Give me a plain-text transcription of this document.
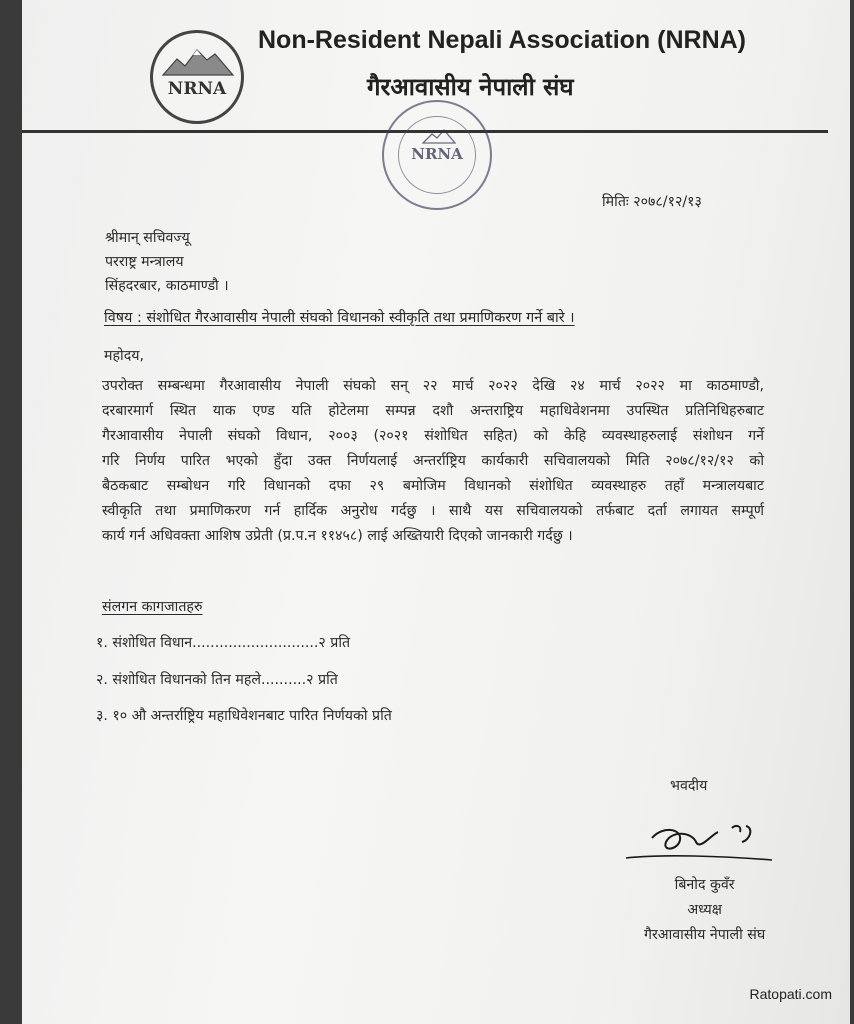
NRNA
Non-Resident Nepali Association (NRNA)
गैरआवासीय नेपाली संघ
NRNA
मितिः २०७८/१२/१३
श्रीमान् सचिवज्यू
परराष्ट्र मन्त्रालय
सिंहदरबार, काठमाण्डौ ।
विषय : संशोधित गैरआवासीय नेपाली संघको विधानको स्वीकृति तथा प्रमाणिकरण गर्ने बारे ।
महोदय,
उपरोक्त सम्बन्धमा गैरआवासीय नेपाली संघको सन् २२ मार्च २०२२ देखि २४ मार्च २०२२ मा काठमाण्डौ,
दरबारमार्ग स्थित याक एण्ड यति होटेलमा सम्पन्न दशौ अन्तराष्ट्रिय महाधिवेशनमा उपस्थित प्रतिनिधिहरुबाट
गैरआवासीय नेपाली संघको विधान, २००३ (२०२१ संशोधित सहित) को केहि व्यवस्थाहरुलाई संशोधन गर्ने
गरि निर्णय पारित भएको हुँदा उक्त निर्णयलाई अन्तर्राष्ट्रिय कार्यकारी सचिवालयको मिति २०७८/१२/१२ को
बैठकबाट सम्बोधन गरि विधानको दफा २९ बमोजिम विधानको संशोधित व्यवस्थाहरु तहाँ मन्त्रालयबाट
स्वीकृति तथा प्रमाणिकरण गर्न हार्दिक अनुरोध गर्दछु । साथै यस सचिवालयको तर्फबाट दर्ता लगायत सम्पूर्ण
कार्य गर्न अधिवक्ता आशिष उप्रेती (प्र.प.न ११४५८) लाई अख्तियारी दिएको जानकारी गर्दछु ।
संलगन कागजातहरु
१. संशोधित विधान............................२ प्रति
२. संशोधित विधानको तिन महले..........२ प्रति
३. १० औ अन्तर्राष्ट्रिय महाधिवेशनबाट पारित निर्णयको प्रति
भवदीय
बिनोद कुवँर
अध्यक्ष
गैरआवासीय नेपाली संघ
Ratopati.com
